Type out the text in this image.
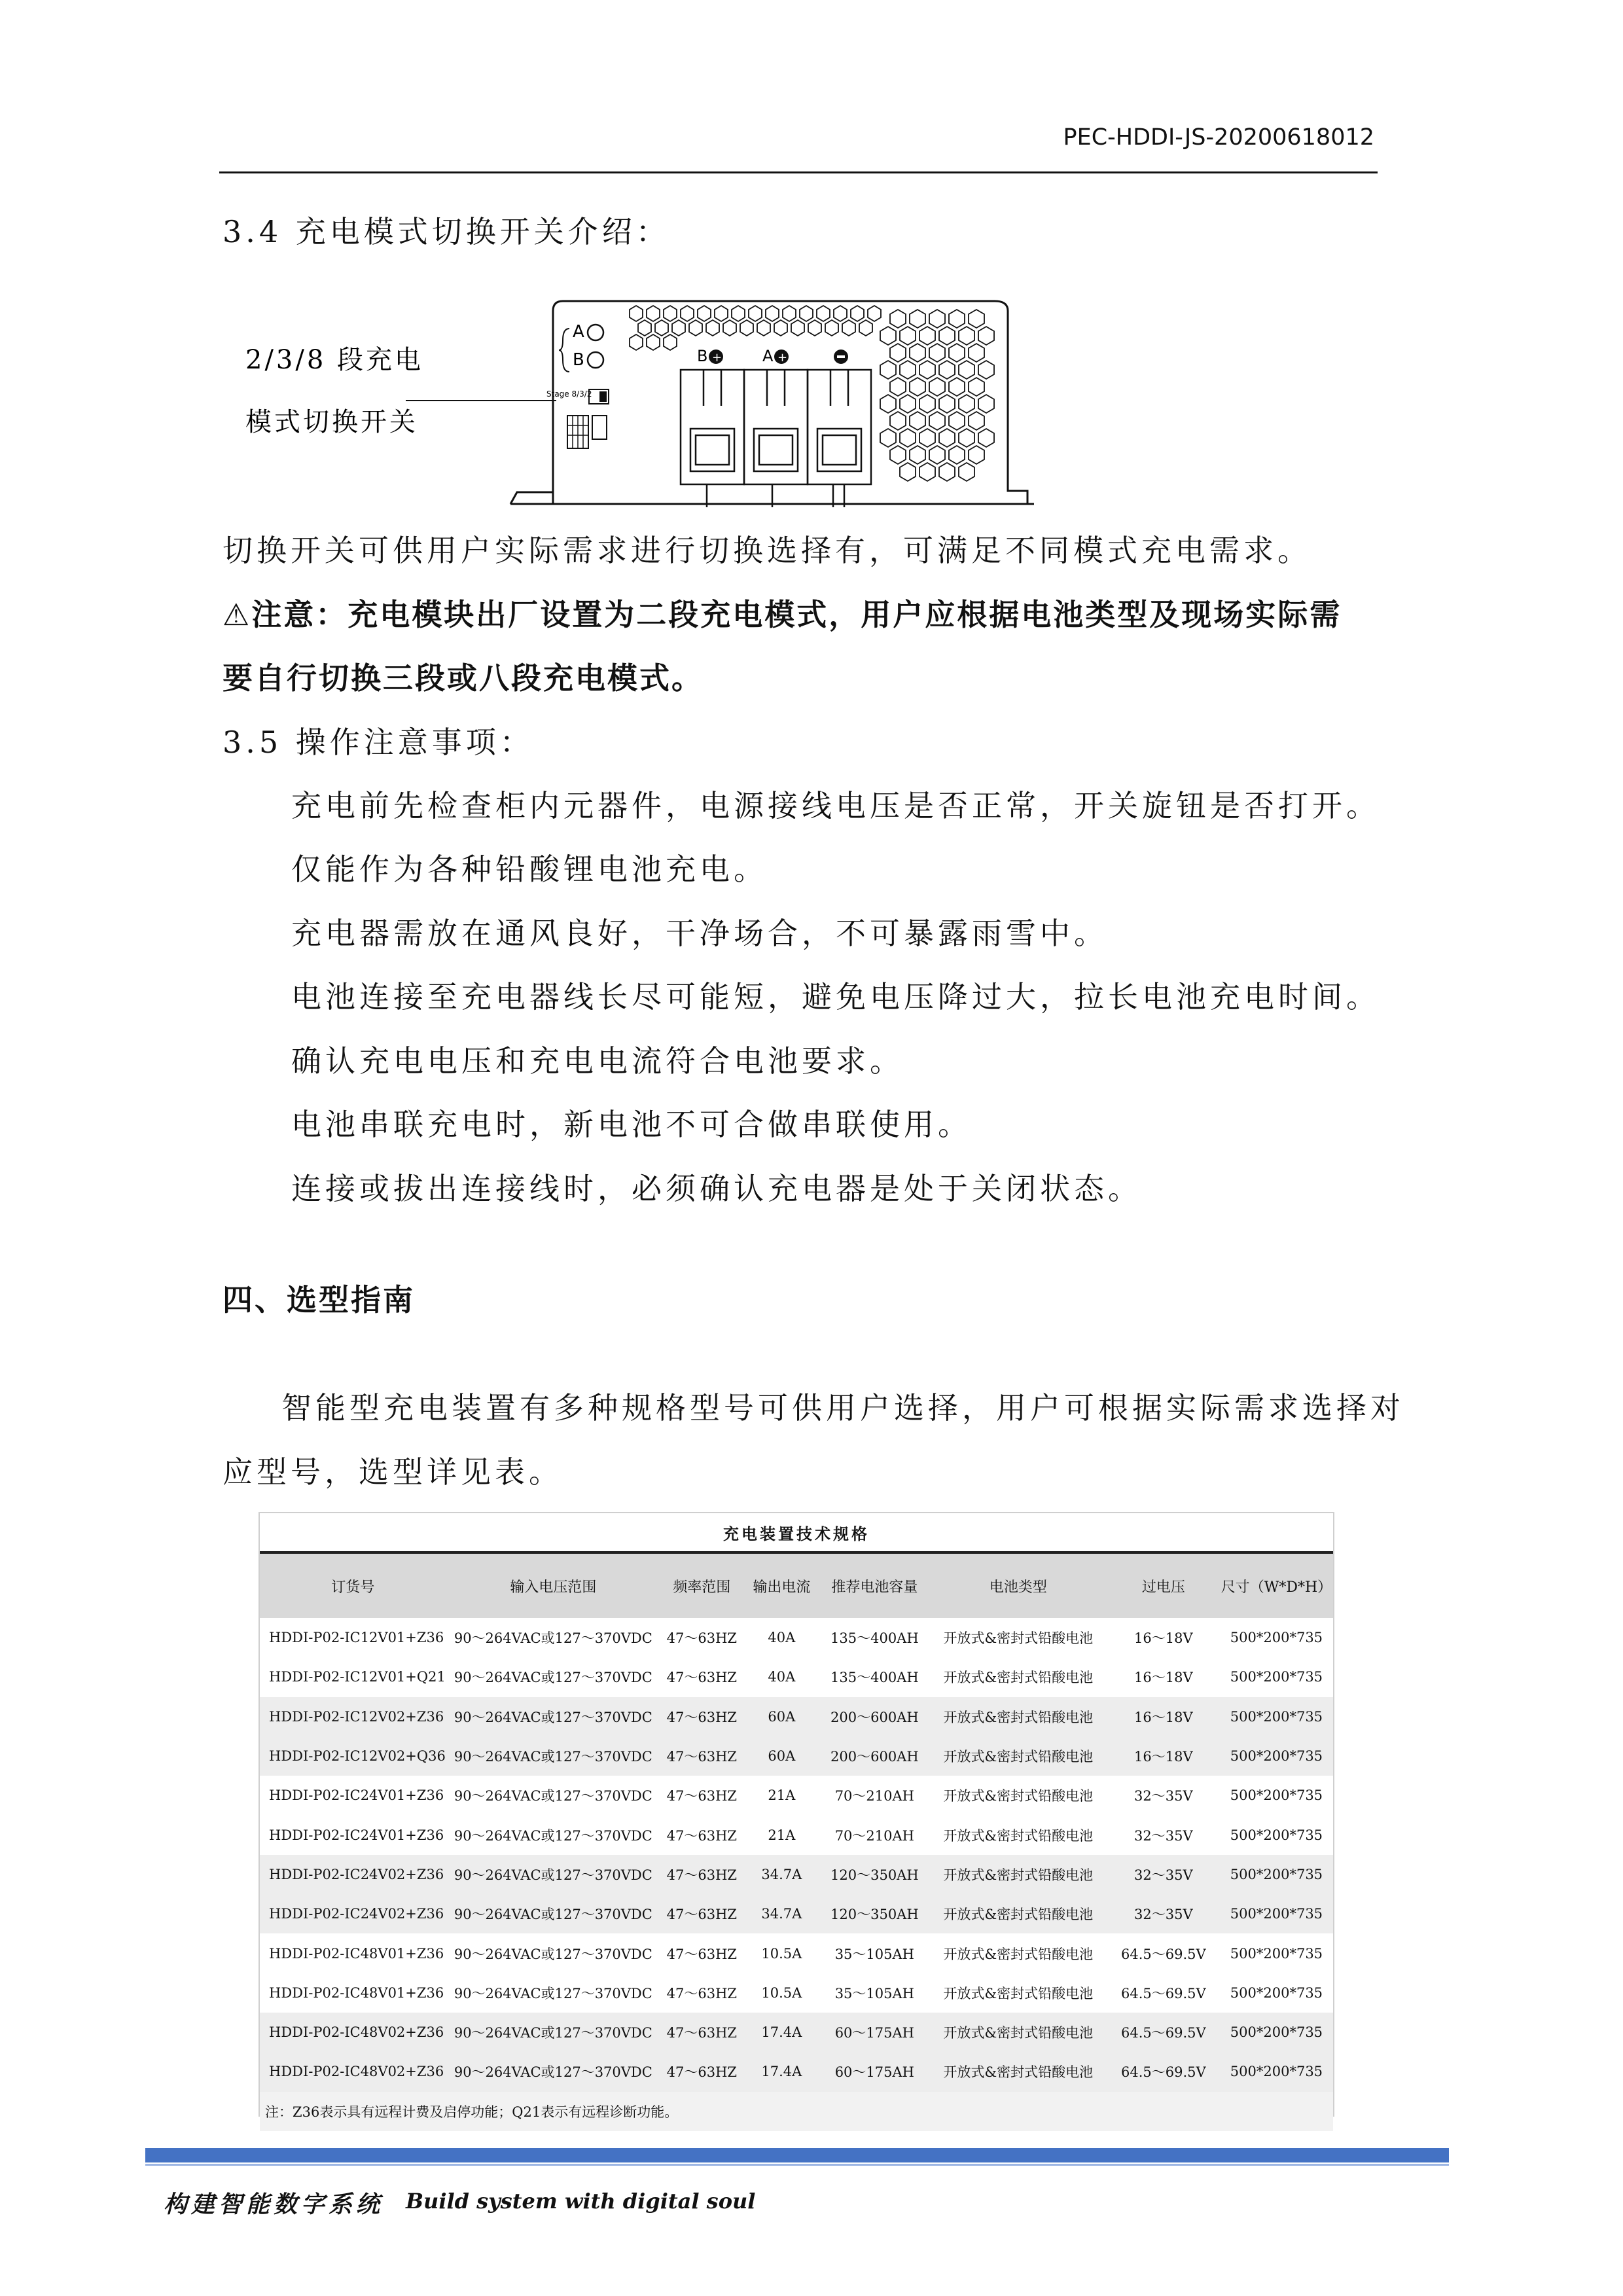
PEC-HDDI-JS-20200618012
3.4 充电模式切换开关介绍：
2/3/8 段充电
模式切换开关
A
B
Stage 8/3/2
B +	A +
切换开关可供用户实际需求进行切换选择有，可满足不同模式充电需求。
⚠注意：充电模块出厂设置为二段充电模式，用户应根据电池类型及现场实际需
要自行切换三段或八段充电模式。
3.5 操作注意事项：
充电前先检查柜内元器件，电源接线电压是否正常，开关旋钮是否打开。
仅能作为各种铅酸锂电池充电。
充电器需放在通风良好，干净场合，不可暴露雨雪中。
电池连接至充电器线长尽可能短，避免电压降过大，拉长电池充电时间。
确认充电电压和充电电流符合电池要求。
电池串联充电时，新电池不可合做串联使用。
连接或拔出连接线时，必须确认充电器是处于关闭状态。
四、选型指南
智能型充电装置有多种规格型号可供用户选择，用户可根据实际需求选择对
应型号，选型详见表。
充电装置技术规格							
订货号	输入电压范围	频率范围	输出电流	推荐电池容量	电池类型	过电压	尺寸（W*D*H）
HDDI-P02-IC12V01+Z36	90～264VAC或127～370VDC	47～63HZ	40A	135～400AH	开放式&密封式铅酸电池	16～18V	500*200*735
HDDI-P02-IC12V01+Q21	90～264VAC或127～370VDC	47～63HZ	40A	135～400AH	开放式&密封式铅酸电池	16～18V	500*200*735
HDDI-P02-IC12V02+Z36	90～264VAC或127～370VDC	47～63HZ	60A	200～600AH	开放式&密封式铅酸电池	16～18V	500*200*735
HDDI-P02-IC12V02+Q36	90～264VAC或127～370VDC	47～63HZ	60A	200～600AH	开放式&密封式铅酸电池	16～18V	500*200*735
HDDI-P02-IC24V01+Z36	90～264VAC或127～370VDC	47～63HZ	21A	70～210AH	开放式&密封式铅酸电池	32～35V	500*200*735
HDDI-P02-IC24V01+Z36	90～264VAC或127～370VDC	47～63HZ	21A	70～210AH	开放式&密封式铅酸电池	32～35V	500*200*735
HDDI-P02-IC24V02+Z36	90～264VAC或127～370VDC	47～63HZ	34.7A	120～350AH	开放式&密封式铅酸电池	32～35V	500*200*735
HDDI-P02-IC24V02+Z36	90～264VAC或127～370VDC	47～63HZ	34.7A	120～350AH	开放式&密封式铅酸电池	32～35V	500*200*735
HDDI-P02-IC48V01+Z36	90～264VAC或127～370VDC	47～63HZ	10.5A	35～105AH	开放式&密封式铅酸电池	64.5～69.5V	500*200*735
HDDI-P02-IC48V01+Z36	90～264VAC或127～370VDC	47～63HZ	10.5A	35～105AH	开放式&密封式铅酸电池	64.5～69.5V	500*200*735
HDDI-P02-IC48V02+Z36	90～264VAC或127～370VDC	47～63HZ	17.4A	60～175AH	开放式&密封式铅酸电池	64.5～69.5V	500*200*735
HDDI-P02-IC48V02+Z36	90～264VAC或127～370VDC	47～63HZ	17.4A	60～175AH	开放式&密封式铅酸电池	64.5～69.5V	500*200*735
注：Z36表示具有远程计费及启停功能；Q21表示有远程诊断功能。							
构建智能数字系统 Build system with digital soul
